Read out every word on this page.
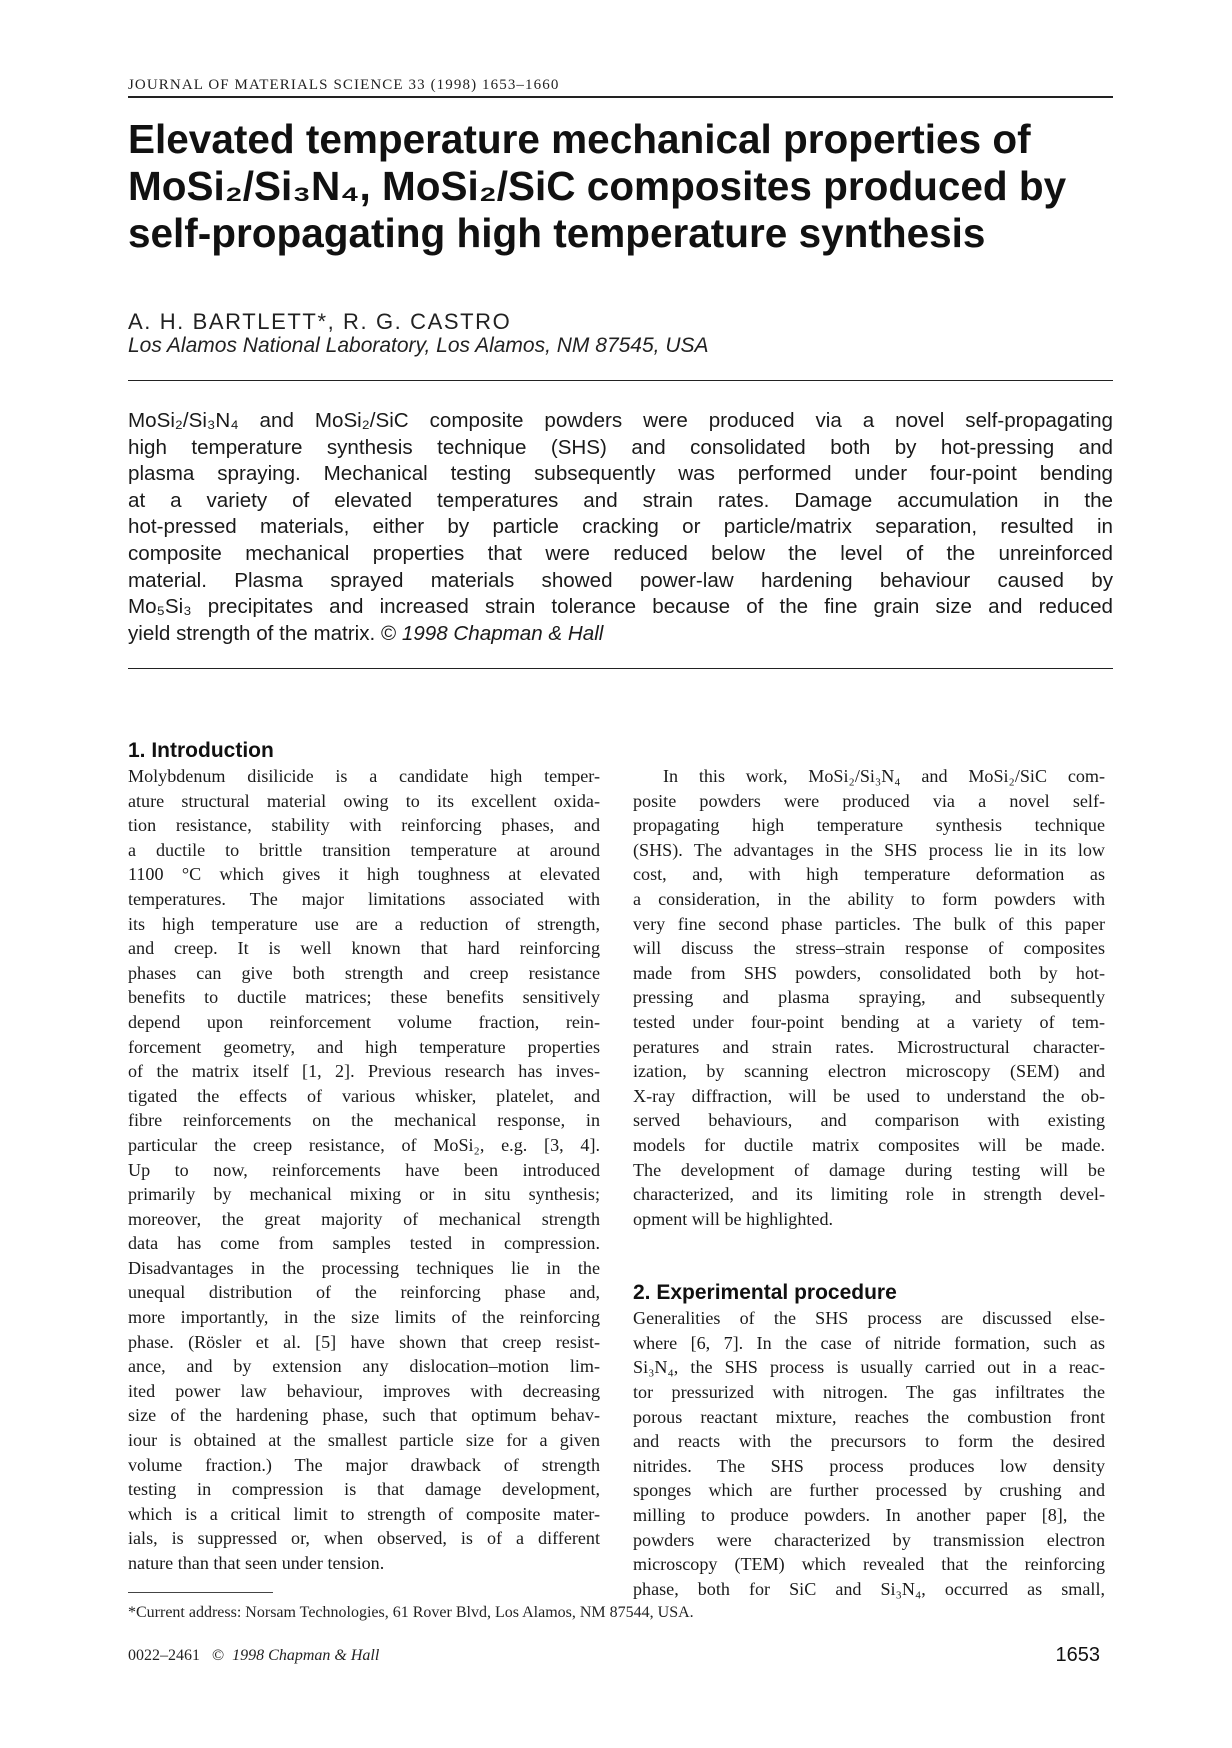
JOURNAL OF MATERIALS SCIENCE 33 (1998) 1653–1660
Elevated temperature mechanical properties of
MoSi₂/Si₃N₄, MoSi₂/SiC composites produced by
self-propagating high temperature synthesis
A. H. BARTLETT*, R. G. CASTRO
Los Alamos National Laboratory, Los Alamos, NM 87545, USA
MoSi₂/Si₃N₄ and MoSi₂/SiC composite powders were produced via a novel self-propagating
high temperature synthesis technique (SHS) and consolidated both by hot-pressing and
plasma spraying. Mechanical testing subsequently was performed under four-point bending
at a variety of elevated temperatures and strain rates. Damage accumulation in the
hot-pressed materials, either by particle cracking or particle/matrix separation, resulted in
composite mechanical properties that were reduced below the level of the unreinforced
material. Plasma sprayed materials showed power-law hardening behaviour caused by
Mo₅Si₃ precipitates and increased strain tolerance because of the fine grain size and reduced
yield strength of the matrix. © 1998 Chapman & Hall
1. Introduction
Molybdenum disilicide is a candidate high temper-
ature structural material owing to its excellent oxida-
tion resistance, stability with reinforcing phases, and
a ductile to brittle transition temperature at around
1100 °C which gives it high toughness at elevated
temperatures. The major limitations associated with
its high temperature use are a reduction of strength,
and creep. It is well known that hard reinforcing
phases can give both strength and creep resistance
benefits to ductile matrices; these benefits sensitively
depend upon reinforcement volume fraction, rein-
forcement geometry, and high temperature properties
of the matrix itself [1, 2]. Previous research has inves-
tigated the effects of various whisker, platelet, and
fibre reinforcements on the mechanical response, in
particular the creep resistance, of MoSi₂, e.g. [3, 4].
Up to now, reinforcements have been introduced
primarily by mechanical mixing or in situ synthesis;
moreover, the great majority of mechanical strength
data has come from samples tested in compression.
Disadvantages in the processing techniques lie in the
unequal distribution of the reinforcing phase and,
more importantly, in the size limits of the reinforcing
phase. (Rösler et al. [5] have shown that creep resist-
ance, and by extension any dislocation–motion lim-
ited power law behaviour, improves with decreasing
size of the hardening phase, such that optimum behav-
iour is obtained at the smallest particle size for a given
volume fraction.) The major drawback of strength
testing in compression is that damage development,
which is a critical limit to strength of composite mater-
ials, is suppressed or, when observed, is of a different
nature than that seen under tension.
In this work, MoSi₂/Si₃N₄ and MoSi₂/SiC com-
posite powders were produced via a novel self-
propagating high temperature synthesis technique
(SHS). The advantages in the SHS process lie in its low
cost, and, with high temperature deformation as
a consideration, in the ability to form powders with
very fine second phase particles. The bulk of this paper
will discuss the stress–strain response of composites
made from SHS powders, consolidated both by hot-
pressing and plasma spraying, and subsequently
tested under four-point bending at a variety of tem-
peratures and strain rates. Microstructural character-
ization, by scanning electron microscopy (SEM) and
X-ray diffraction, will be used to understand the ob-
served behaviours, and comparison with existing
models for ductile matrix composites will be made.
The development of damage during testing will be
characterized, and its limiting role in strength devel-
opment will be highlighted.
2. Experimental procedure
Generalities of the SHS process are discussed else-
where [6, 7]. In the case of nitride formation, such as
Si₃N₄, the SHS process is usually carried out in a reac-
tor pressurized with nitrogen. The gas infiltrates the
porous reactant mixture, reaches the combustion front
and reacts with the precursors to form the desired
nitrides. The SHS process produces low density
sponges which are further processed by crushing and
milling to produce powders. In another paper [8], the
powders were characterized by transmission electron
microscopy (TEM) which revealed that the reinforcing
phase, both for SiC and Si₃N₄, occurred as small,
*Current address: Norsam Technologies, 61 Rover Blvd, Los Alamos, NM 87544, USA.
0022–2461 © 1998 Chapman & Hall	1653
